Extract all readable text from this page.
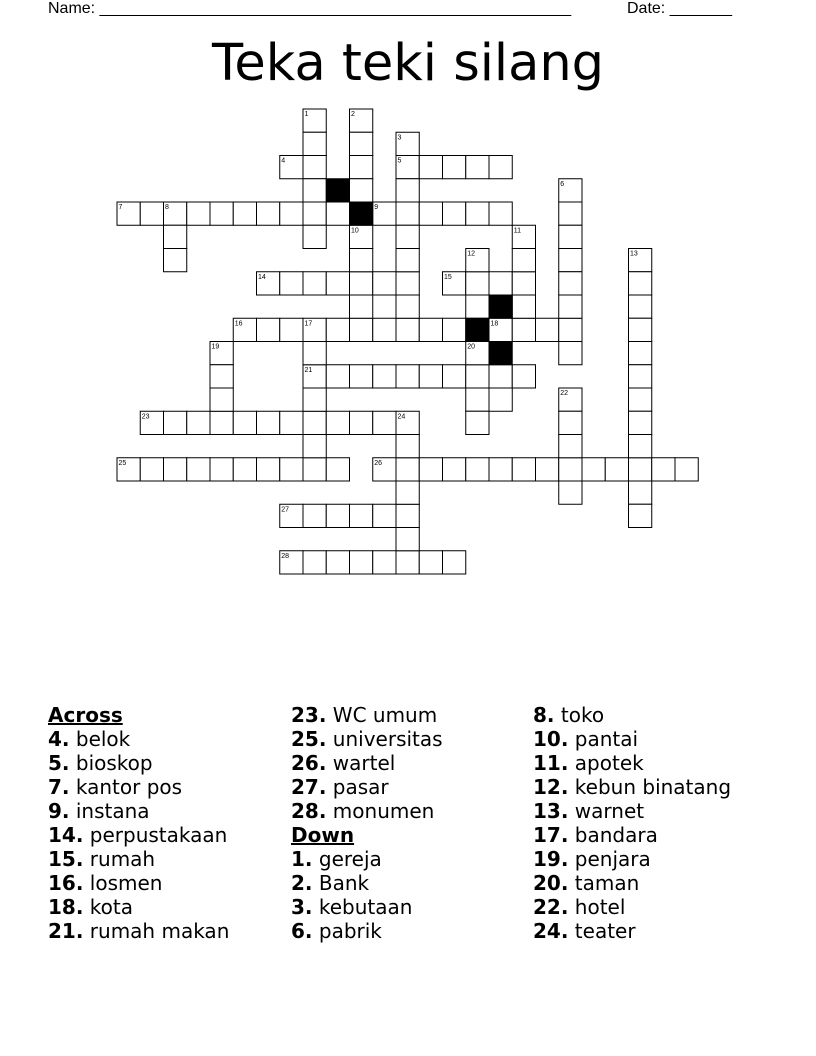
Name: _____________________________________________________	Date: _______
Teka teki silang
1	2
3
4	5
6
7	8	9
10	11
12	13
14	15
16	17	18
19	20
21
22
23	24
25	26
27
28
Across
4. belok
5. bioskop
7. kantor pos
9. instana
14. perpustakaan
15. rumah
16. losmen
18. kota
21. rumah makan
23. WC umum
25. universitas
26. wartel
27. pasar
28. monumen
Down
1. gereja
2. Bank
3. kebutaan
6. pabrik
8. toko
10. pantai
11. apotek
12. kebun binatang
13. warnet
17. bandara
19. penjara
20. taman
22. hotel
24. teater
